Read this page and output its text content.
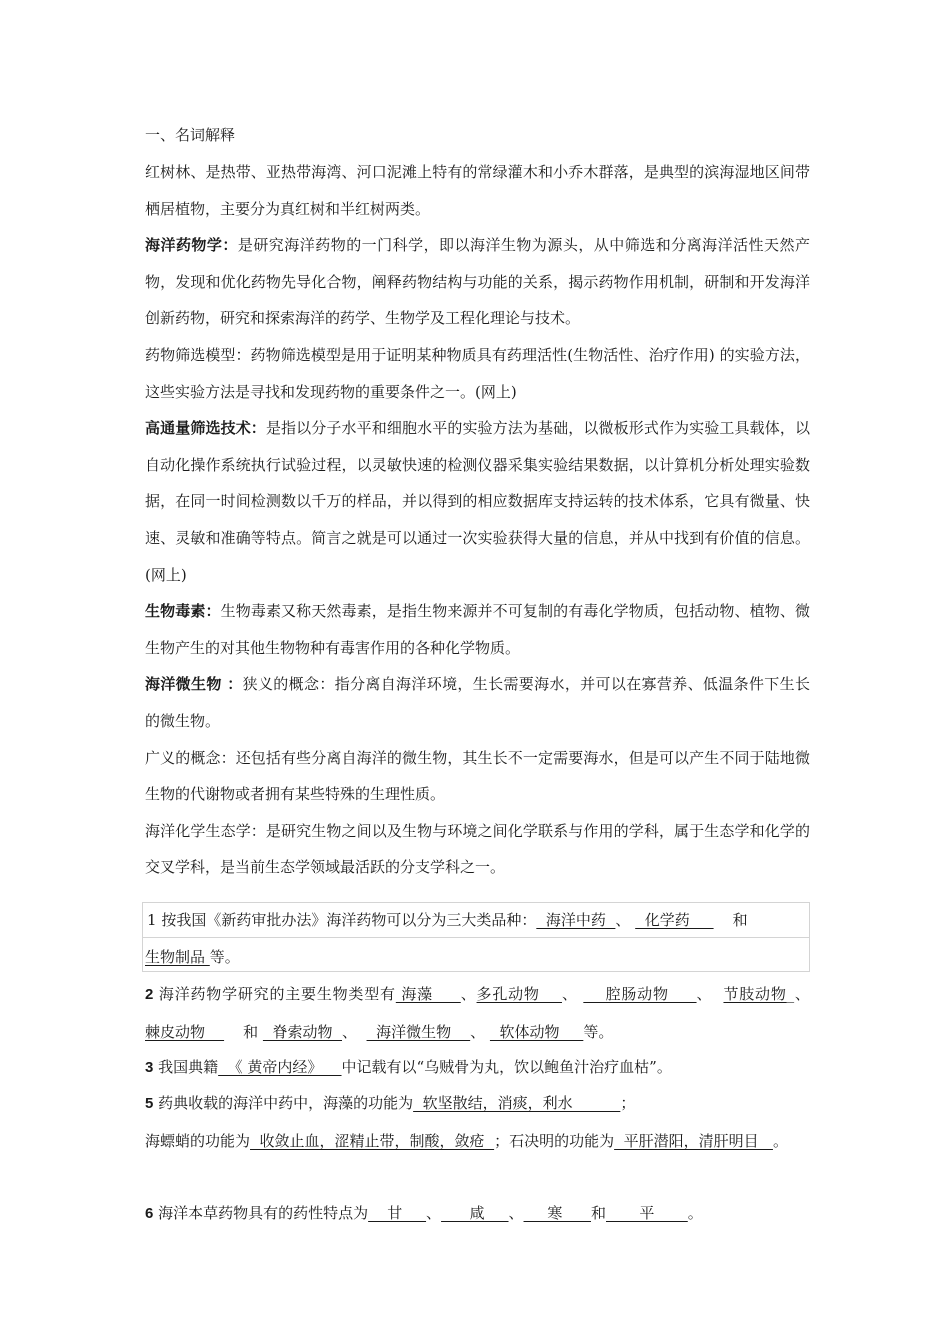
一、名词解释

红树林、是热带、亚热带海湾、河口泥滩上特有的常绿灌木和小乔木群落，是典型的滨海湿地区间带栖居植物，主要分为真红树和半红树两类。

海洋药物学：是研究海洋药物的一门科学，即以海洋生物为源头，从中筛选和分离海洋活性天然产物，发现和优化药物先导化合物，阐释药物结构与功能的关系，揭示药物作用机制，研制和开发海洋创新药物，研究和探索海洋的药学、生物学及工程化理论与技术。

药物筛选模型：药物筛选模型是用于证明某种物质具有药理活性(生物活性、治疗作用) 的实验方法，这些实验方法是寻找和发现药物的重要条件之一。(网上)

高通量筛选技术：是指以分子水平和细胞水平的实验方法为基础，以微板形式作为实验工具载体，以自动化操作系统执行试验过程，以灵敏快速的检测仪器采集实验结果数据，以计算机分析处理实验数据，在同一时间检测数以千万的样品，并以得到的相应数据库支持运转的技术体系，它具有微量、快速、灵敏和准确等特点。简言之就是可以通过一次实验获得大量的信息，并从中找到有价值的信息。(网上)

生物毒素：生物毒素又称天然毒素，是指生物来源并不可复制的有毒化学物质，包括动物、植物、微生物产生的对其他生物物种有毒害作用的各种化学物质。

海洋微生物 ：狭义的概念：指分离自海洋环境，生长需要海水，并可以在寡营养、低温条件下生长的微生物。

广义的概念：还包括有些分离自海洋的微生物，其生长不一定需要海水，但是可以产生不同于陆地微生物的代谢物或者拥有某些特殊的生理性质。

海洋化学生态学：是研究生物之间以及生物与环境之间化学联系与作用的学科，属于生态学和化学的交叉学科，是当前生态学领域最活跃的分支学科之一。

1 按我国《新药审批办法》海洋药物可以分为三大类品种：  海洋中药  、   化学药         和

生物制品 等。

2 海洋药物学研究的主要生物类型有 海藻     、多孔动物    、     腔肠动物     、  节肢动物_、棘皮动物        和   脊索动物  、    海洋微生物    、   软体动物     等。

3 我国典籍  《 黄帝内经》    中记载有以“乌贼骨为丸，饮以鲍鱼汁治疗血枯”。

5 药典收载的海洋中药中，海藻的功能为  软坚散结，消痰，利水          ；

海螵蛸的功能为  收敛止血，涩精止带，制酸，敛疮  ；石决明的功能为  平肝潜阳，清肝明目   。

6 海洋本草药物具有的药性特点为    甘     、      咸     、     寒      和       平       。
